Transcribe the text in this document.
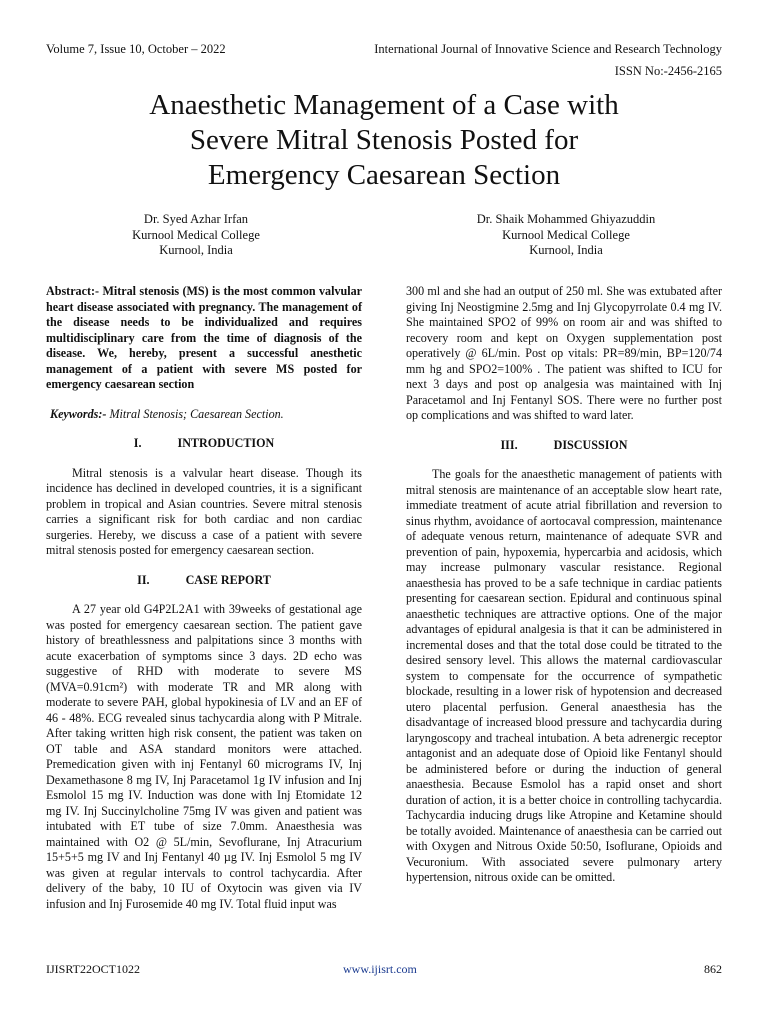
Volume 7, Issue 10, October – 2022	International Journal of Innovative Science and Research Technology
ISSN No:-2456-2165
Anaesthetic Management of a Case with
Severe Mitral Stenosis Posted for
Emergency Caesarean Section
Dr. Syed Azhar Irfan
Kurnool Medical College
Kurnool, India
Dr. Shaik Mohammed Ghiyazuddin
Kurnool Medical College
Kurnool, India
Abstract:- Mitral stenosis (MS) is the most common valvular heart disease associated with pregnancy. The management of the disease needs to be individualized and requires multidisciplinary care from the time of diagnosis of the disease. We, hereby, present a successful anesthetic management of a patient with severe MS posted for emergency caesarean section
Keywords:- Mitral Stenosis; Caesarean Section.
I.	INTRODUCTION

Mitral stenosis is a valvular heart disease. Though its incidence has declined in developed countries, it is a significant problem in tropical and Asian countries. Severe mitral stenosis carries a significant risk for both cardiac and non cardiac surgeries. Hereby, we discuss a case of a patient with severe mitral stenosis posted for emergency caesarean section.

II.	CASE REPORT

A 27 year old G4P2L2A1 with 39weeks of gestational age was posted for emergency caesarean section. The patient gave history of breathlessness and palpitations since 3 months with acute exacerbation of symptoms since 3 days. 2D echo was suggestive of RHD with moderate to severe MS (MVA=0.91cm²) with moderate TR and MR along with moderate to severe PAH, global hypokinesia of LV and an EF of 46 - 48%. ECG revealed sinus tachycardia along with P Mitrale. After taking written high risk consent, the patient was taken on OT table and ASA standard monitors were attached. Premedication given with inj Fentanyl 60 micrograms IV, Inj Dexamethasone 8 mg IV, Inj Paracetamol 1g IV infusion and Inj Esmolol 15 mg IV. Induction was done with Inj Etomidate 12 mg IV. Inj Succinylcholine 75mg IV was given and patient was intubated with ET tube of size 7.0mm. Anaesthesia was maintained with O2 @ 5L/min, Sevoflurane, Inj Atracurium 15+5+5 mg IV and Inj Fentanyl 40 µg IV. Inj Esmolol 5 mg IV was given at regular intervals to control tachycardia. After delivery of the baby, 10 IU of Oxytocin was given via IV infusion and Inj Furosemide 40 mg IV. Total fluid input was

300 ml and she had an output of 250 ml. She was extubated after giving Inj Neostigmine 2.5mg and Inj Glycopyrrolate 0.4 mg IV. She maintained SPO2 of 99% on room air and was shifted to recovery room and kept on Oxygen supplementation post operatively @ 6L/min. Post op vitals: PR=89/min, BP=120/74 mm hg and SPO2=100% . The patient was shifted to ICU for next 3 days and post op analgesia was maintained with Inj Paracetamol and Inj Fentanyl SOS. There were no further post op complications and was shifted to ward later.

III.	DISCUSSION

The goals for the anaesthetic management of patients with mitral stenosis are maintenance of an acceptable slow heart rate, immediate treatment of acute atrial fibrillation and reversion to sinus rhythm, avoidance of aortocaval compression, maintenance of adequate venous return, maintenance of adequate SVR and prevention of pain, hypoxemia, hypercarbia and acidosis, which may increase pulmonary vascular resistance. Regional anaesthesia has proved to be a safe technique in cardiac patients presenting for caesarean section. Epidural and continuous spinal anaesthetic techniques are attractive options. One of the major advantages of epidural analgesia is that it can be administered in incremental doses and that the total dose could be titrated to the desired sensory level. This allows the maternal cardiovascular system to compensate for the occurrence of sympathetic blockade, resulting in a lower risk of hypotension and decreased utero placental perfusion. General anaesthesia has the disadvantage of increased blood pressure and tachycardia during laryngoscopy and tracheal intubation. A beta adrenergic receptor antagonist and an adequate dose of Opioid like Fentanyl should be administered before or during the induction of general anaesthesia. Because Esmolol has a rapid onset and short duration of action, it is a better choice in controlling tachycardia. Tachycardia inducing drugs like Atropine and Ketamine should be totally avoided. Maintenance of anaesthesia can be carried out with Oxygen and Nitrous Oxide 50:50, Isoflurane, Opioids and Vecuronium. With associated severe pulmonary artery hypertension, nitrous oxide can be omitted.

IJISRT22OCT1022	www.ijisrt.com	862
